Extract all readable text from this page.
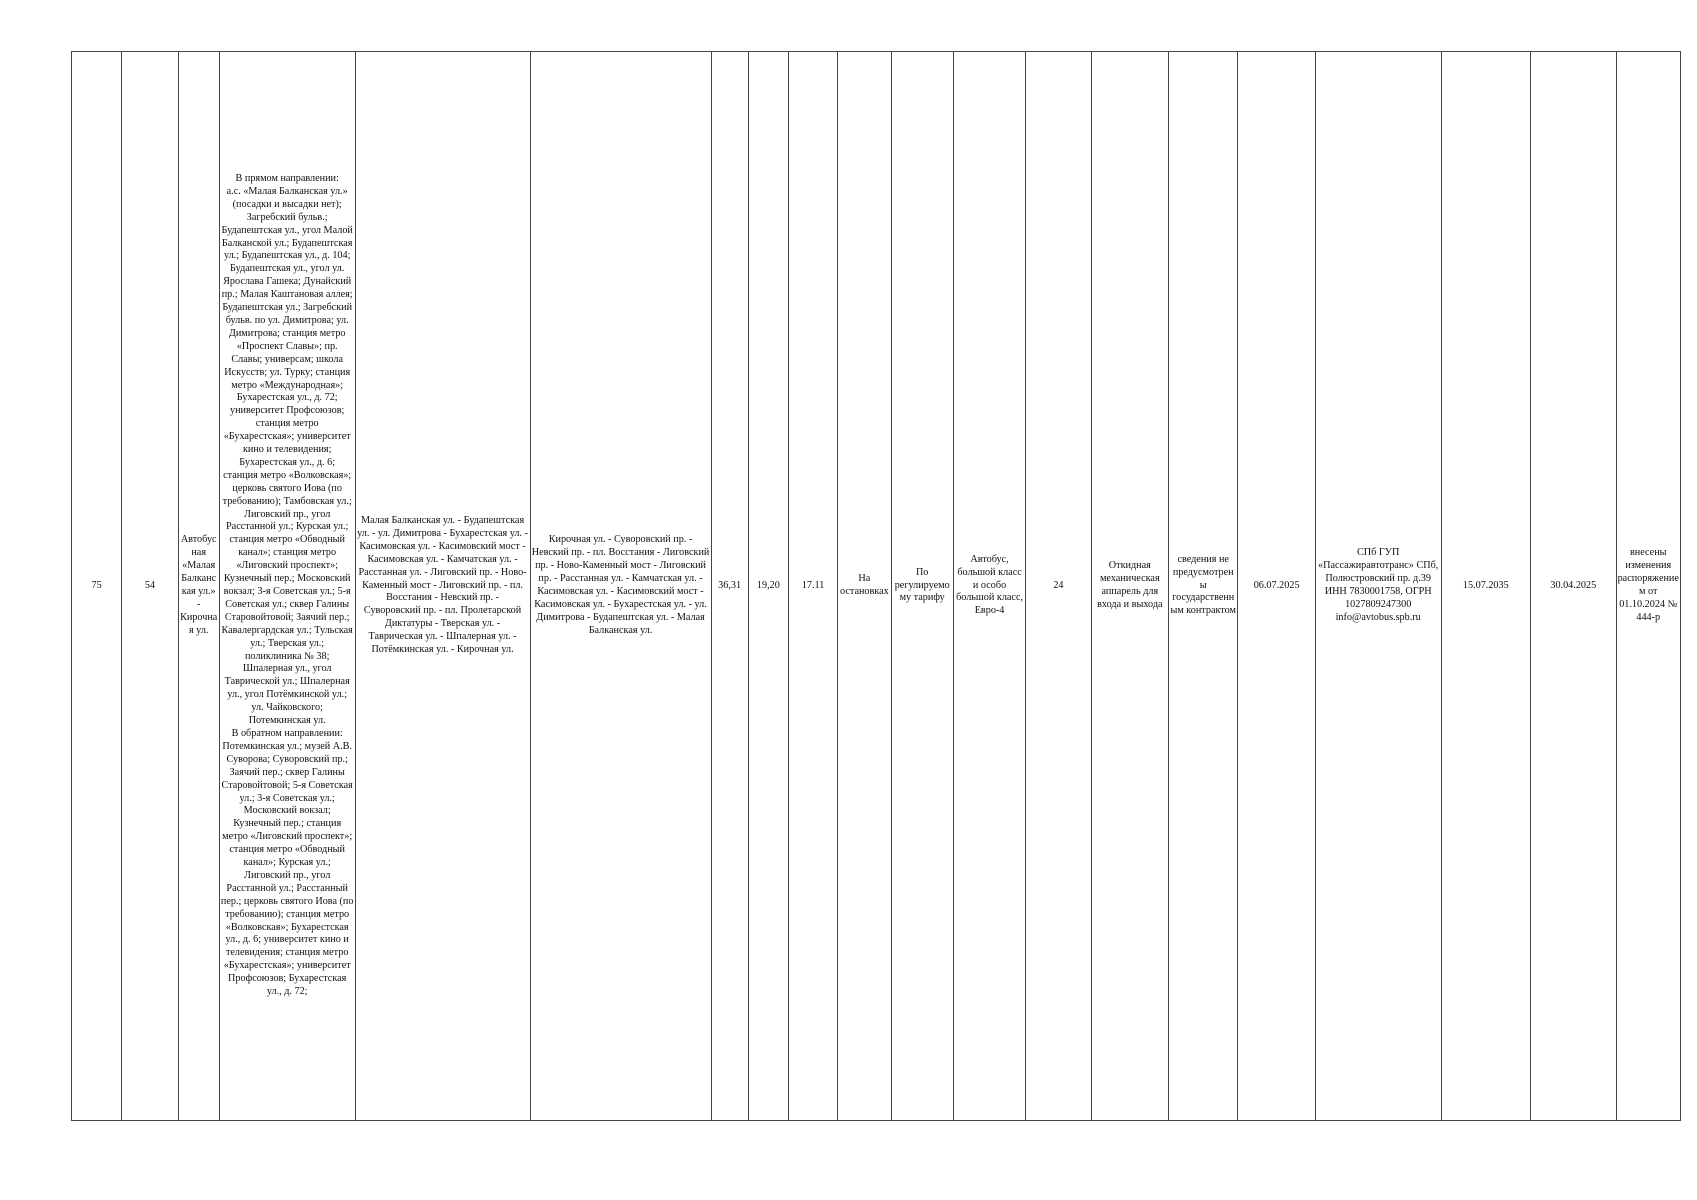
75	54	Автобусная «Малая Балканская ул.» - Кирочная ул.	В прямом направлении:
а.с. «Малая Балканская ул.» (посадки и высадки нет); Загребский бульв.; Будапештская ул., угол Малой Балканской ул.; Будапештская ул.; Будапештская ул., д. 104; Будапештская ул., угол ул. Ярослава Гашека; Дунайский пр.; Малая Каштановая аллея; Будапештская ул.; Загребский бульв. по ул. Димитрова; ул. Димитрова; станция метро «Проспект Славы»; пр. Славы; универсам; школа Искусств; ул. Турку; станция метро «Международная»; Бухарестская ул., д. 72; университет Профсоюзов; станция метро «Бухарестская»; университет кино и телевидения; Бухарестская ул., д. 6; станция метро «Волковская»; церковь святого Иова (по требованию); Тамбовская ул.; Лиговский пр., угол Расстанной ул.; Курская ул.; станция метро «Обводный канал»; станция метро «Лиговский проспект»; Кузнечный пер.; Московский вокзал; 3-я Советская ул.; 5-я Советская ул.; сквер Галины Старовойтовой; Заячий пер.; Кавалергардская ул.; Тульская ул.; Тверская ул.; поликлиника № 38; Шпалерная ул., угол Таврической ул.; Шпалерная ул., угол Потёмкинской ул.; ул. Чайковского; Потемкинская ул.
В обратном направлении:
Потемкинская ул.; музей А.В. Суворова; Суворовский пр.; Заячий пер.; сквер Галины Старовойтовой; 5-я Советская ул.; 3-я Советская ул.; Московский вокзал; Кузнечный пер.; станция метро «Лиговский проспект»; станция метро «Обводный канал»; Курская ул.; Лиговский пр., угол Расстанной ул.; Расстанный пер.; церковь святого Иова (по требованию); станция метро «Волковская»; Бухарестская ул., д. 6; университет кино и телевидения; станция метро «Бухарестская»; университет Профсоюзов; Бухарестская ул., д. 72;	Малая Балканская ул. - Будапештская ул. - ул. Димитрова - Бухарестская ул. - Касимовская ул. - Касимовский мост - Касимовская ул. - Камчатская ул. - Расстанная ул. - Лиговский пр. - Ново-Каменный мост - Лиговский пр. - пл. Восстания - Невский пр. - Суворовский пр. - пл. Пролетарской Диктатуры - Тверская ул. - Таврическая ул. - Шпалерная ул. - Потёмкинская ул. - Кирочная ул.	Кирочная ул. - Суворовский пр. - Невский пр. - пл. Восстания - Лиговский пр. - Ново-Каменный мост - Лиговский пр. - Расстанная ул. - Камчатская ул. - Касимовская ул. - Касимовский мост - Касимовская ул. - Бухарестская ул. - ул. Димитрова - Будапештская ул. - Малая Балканская ул.	36,31	19,20	17.11	На остановках	По регулируемому тарифу	Автобус, большой класс и особо большой класс, Евро-4	24	Откидная механическая аппарель для входа и выхода	сведения не предусмотрены государственным контрактом	06.07.2025	СПб ГУП «Пассажиравтотранс» СПб, Полюстровский пр. д.39 ИНН 7830001758, ОГРН 1027809247300 info@avtobus.spb.ru	15.07.2035	30.04.2025	внесены изменения распоряжением от 01.10.2024 № 444-р
